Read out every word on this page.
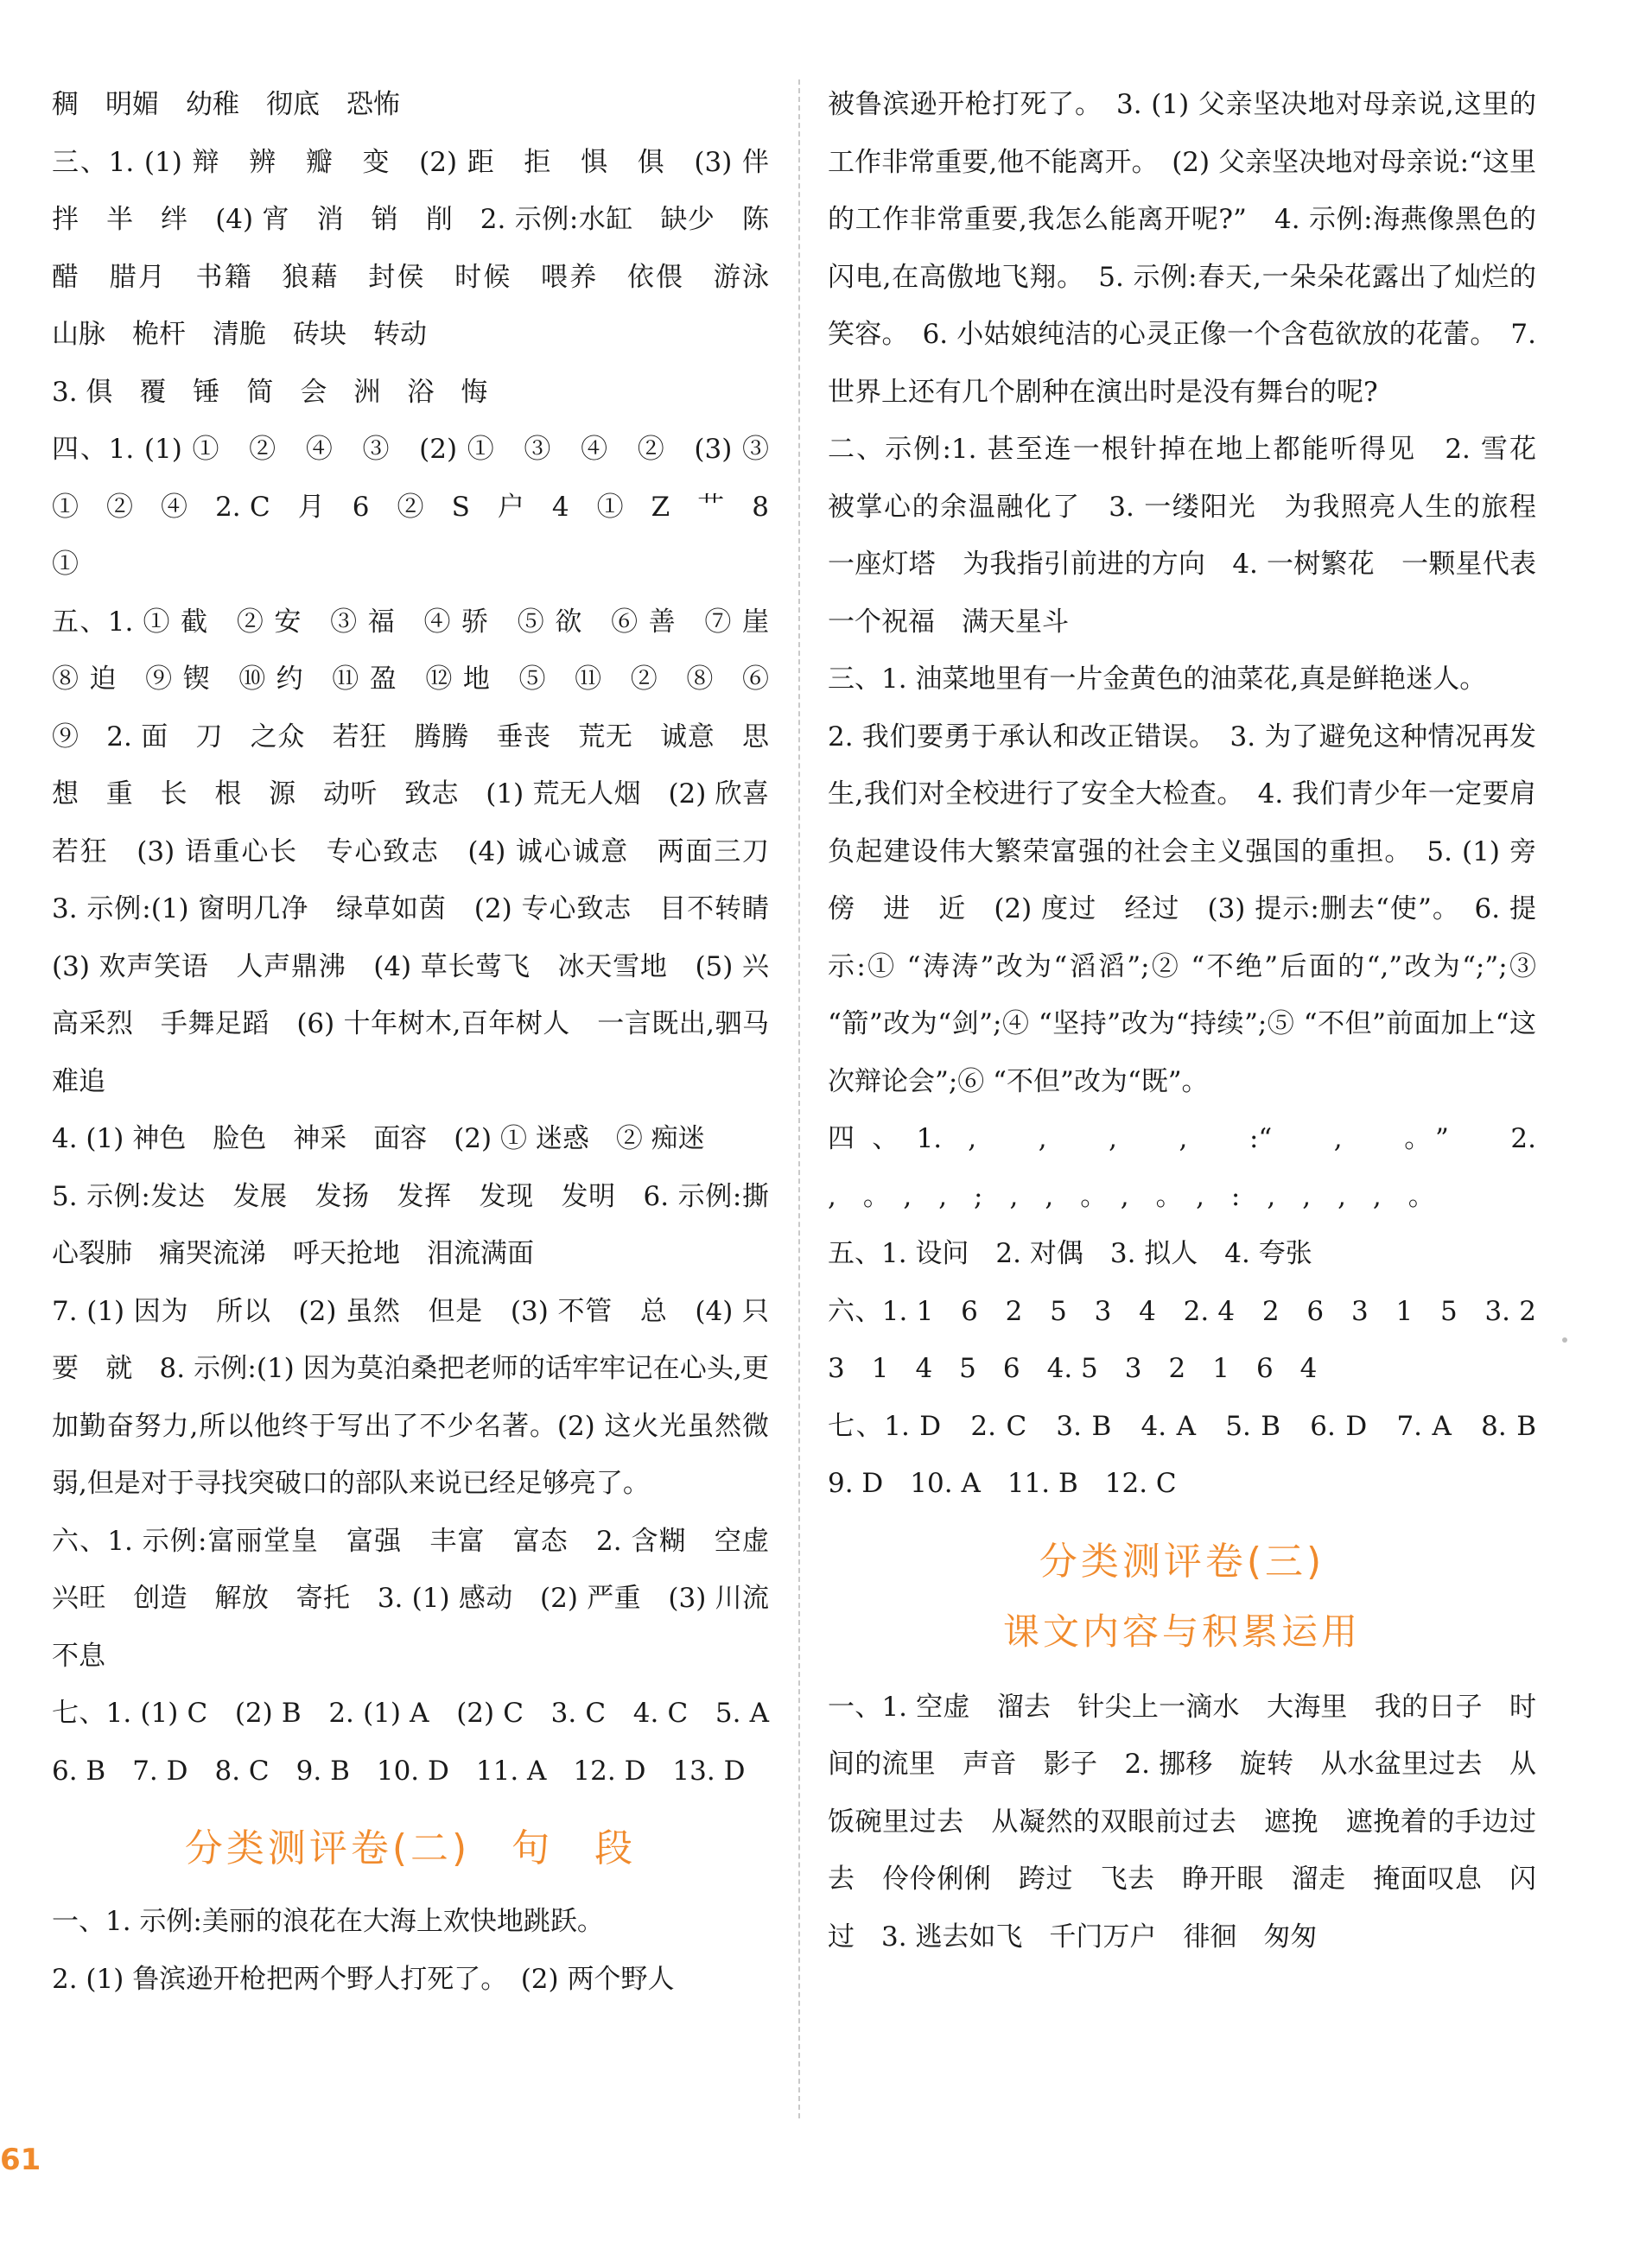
稠　明媚　幼稚　彻底　恐怖

三、1. (1) 辩　辨　瓣　变　(2) 距　拒　惧　俱　(3) 伴　拌　半　绊　(4) 宵　消　销　削　2. 示例:水缸　缺少　陈醋　腊月　书籍　狼藉　封侯　时候　喂养　依偎　游泳　山脉　桅杆　清脆　砖块　转动

3. 俱　覆　锤　简　会　洲　浴　悔

四、1. (1) ①　②　④　③　(2) ①　③　④　②　(3) ③　①　②　④　2. C　月　6　②　S　户　4　①　Z　艹　8　①

五、1. ① 截　② 安　③ 福　④ 骄　⑤ 欲　⑥ 善　⑦ 崖　⑧ 迫　⑨ 锲　⑩ 约　⑪ 盈　⑫ 地　⑤　⑪　②　⑧　⑥　⑨　2. 面　刀　之众　若狂　腾腾　垂丧　荒无　诚意　思　想　重　长　根　源　动听　致志　(1) 荒无人烟　(2) 欣喜若狂　(3) 语重心长　专心致志　(4) 诚心诚意　两面三刀　3. 示例:(1) 窗明几净　绿草如茵　(2) 专心致志　目不转睛　(3) 欢声笑语　人声鼎沸　(4) 草长莺飞　冰天雪地　(5) 兴高采烈　手舞足蹈　(6) 十年树木,百年树人　一言既出,驷马难追

4. (1) 神色　脸色　神采　面容　(2) ① 迷惑　② 痴迷

5. 示例:发达　发展　发扬　发挥　发现　发明　6. 示例:撕心裂肺　痛哭流涕　呼天抢地　泪流满面

7. (1) 因为　所以　(2) 虽然　但是　(3) 不管　总　(4) 只要　就　8. 示例:(1) 因为莫泊桑把老师的话牢牢记在心头,更加勤奋努力,所以他终于写出了不少名著。(2) 这火光虽然微弱,但是对于寻找突破口的部队来说已经足够亮了。

六、1. 示例:富丽堂皇　富强　丰富　富态　2. 含糊　空虚　兴旺　创造　解放　寄托　3. (1) 感动　(2) 严重　(3) 川流不息

七、1. (1) C　(2) B　2. (1) A　(2) C　3. C　4. C　5. A　6. B　7. D　8. C　9. B　10. D　11. A　12. D　13. D

分类测评卷(二)　句　段

一、1. 示例:美丽的浪花在大海上欢快地跳跃。

2. (1) 鲁滨逊开枪把两个野人打死了。　(2) 两个野人

被鲁滨逊开枪打死了。　3. (1) 父亲坚决地对母亲说,这里的工作非常重要,他不能离开。　(2) 父亲坚决地对母亲说:“这里的工作非常重要,我怎么能离开呢?”　4. 示例:海燕像黑色的闪电,在高傲地飞翔。　5. 示例:春天,一朵朵花露出了灿烂的笑容。　6. 小姑娘纯洁的心灵正像一个含苞欲放的花蕾。　7. 世界上还有几个剧种在演出时是没有舞台的呢?

二、示例:1. 甚至连一根针掉在地上都能听得见　2. 雪花　被掌心的余温融化了　3. 一缕阳光　为我照亮人生的旅程　一座灯塔　为我指引前进的方向　4. 一树繁花　一颗星代表一个祝福　满天星斗

三、1. 油菜地里有一片金黄色的油菜花,真是鲜艳迷人。

2. 我们要勇于承认和改正错误。　3. 为了避免这种情况再发生,我们对全校进行了安全大检查。　4. 我们青少年一定要肩负起建设伟大繁荣富强的社会主义强国的重担。　5. (1) 旁　傍　进　近　(2) 度过　经过　(3) 提示:删去“使”。　6. 提示:① “涛涛”改为“滔滔”;② “不绝”后面的“,”改为“;”;③ “箭”改为“剑”;④ “坚持”改为“持续”;⑤ “不但”前面加上“这次辩论会”;⑥ “不但”改为“既”。

四、1. ,　,　,　,　:“　,　。”　2. ,　。　,　,　;　,　,　。　,　。　,　:　,　,　,　,　。

五、1. 设问　2. 对偶　3. 拟人　4. 夸张

六、1. 1　6　2　5　3　4　2. 4　2　6　3　1　5　3. 2　3　1　4　5　6　4. 5　3　2　1　6　4

七、1. D　2. C　3. B　4. A　5. B　6. D　7. A　8. B　9. D　10. A　11. B　12. C

分类测评卷(三)
课文内容与积累运用

一、1. 空虚　溜去　针尖上一滴水　大海里　我的日子　时间的流里　声音　影子　2. 挪移　旋转　从水盆里过去　从饭碗里过去　从凝然的双眼前过去　遮挽　遮挽着的手边过去　伶伶俐俐　跨过　飞去　睁开眼　溜走　掩面叹息　闪过　3. 逃去如飞　千门万户　徘徊　匆匆

61
